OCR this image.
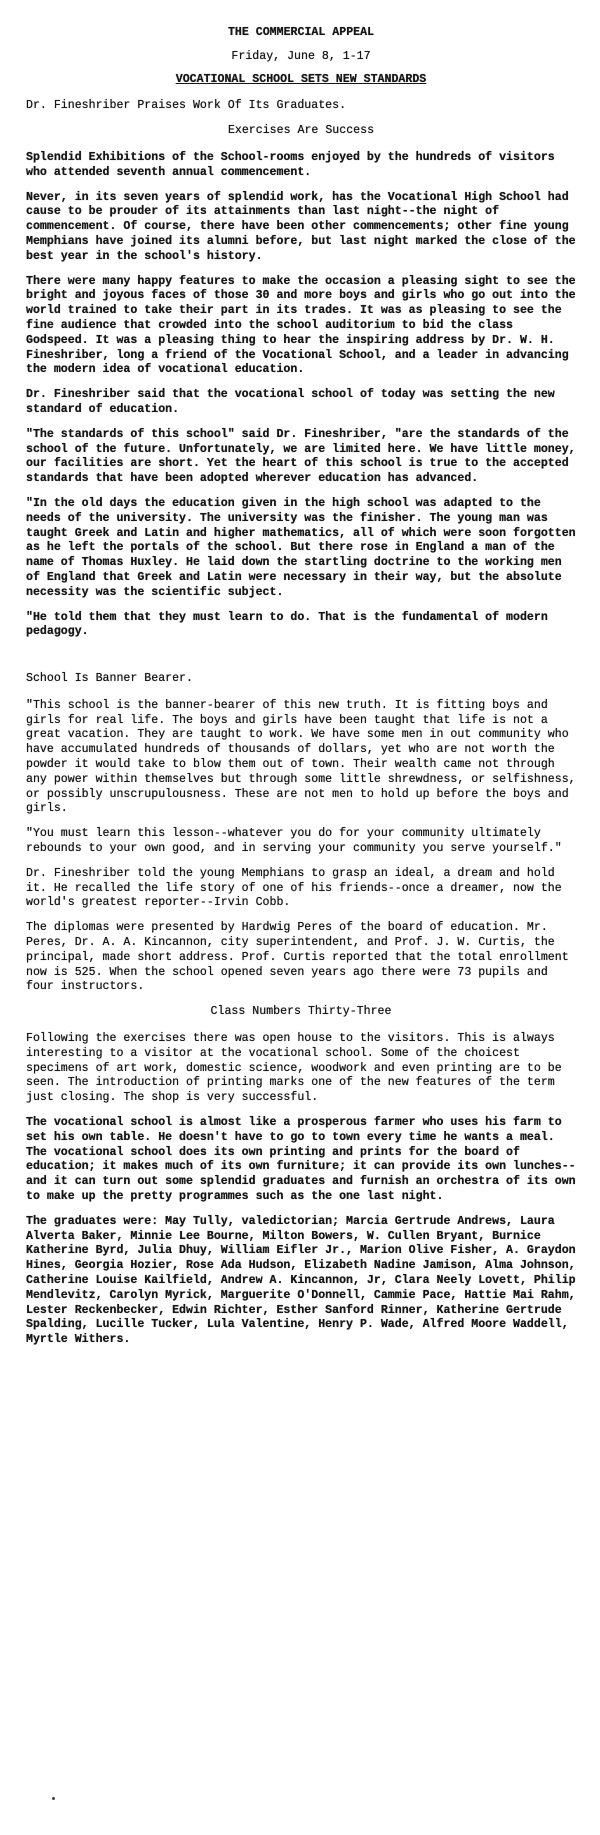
THE COMMERCIAL APPEAL
Friday, June 8, 1-17
VOCATIONAL SCHOOL SETS NEW STANDARDS
Dr. Fineshriber Praises Work Of Its Graduates.
Exercises Are Success

Splendid Exhibitions of the School-rooms enjoyed by the hundreds of visitors who attended seventh annual commencement.

Never, in its seven years of splendid work, has the Vocational High School had cause to be prouder of its attainments than last night--the night of commencement. Of course, there have been other commencements; other fine young Memphians have joined its alumni before, but last night marked the close of the best year in the school's history.

There were many happy features to make the occasion a pleasing sight to see the bright and joyous faces of those 30 and more boys and girls who go out into the world trained to take their part in its trades. It was as pleasing to see the fine audience that crowded into the school auditorium to bid the class Godspeed. It was a pleasing thing to hear the inspiring address by Dr. W. H. Fineshriber, long a friend of the Vocational School, and a leader in advancing the modern idea of vocational education.

Dr. Fineshriber said that the vocational school of today was setting the new standard of education.

"The standards of this school" said Dr. Fineshriber, "are the standards of the school of the future. Unfortunately, we are limited here. We have little money, our facilities are short. Yet the heart of this school is true to the accepted standards that have been adopted wherever education has advanced.

"In the old days the education given in the high school was adapted to the needs of the university. The university was the finisher. The young man was taught Greek and Latin and higher mathematics, all of which were soon forgotten as he left the portals of the school. But there rose in England a man of the name of Thomas Huxley. He laid down the startling doctrine to the working men of England that Greek and Latin were necessary in their way, but the absolute necessity was the scientific subject.

"He told them that they must learn to do. That is the fundamental of modern pedagogy.

School Is Banner Bearer.

"This school is the banner-bearer of this new truth. It is fitting boys and girls for real life. The boys and girls have been taught that life is not a great vacation. They are taught to work. We have some men in out community who have accumulated hundreds of thousands of dollars, yet who are not worth the powder it would take to blow them out of town. Their wealth came not through any power within themselves but through some little shrewdness, or selfishness, or possibly unscrupulousness. These are not men to hold up before the boys and girls.

"You must learn this lesson--whatever you do for your community ultimately rebounds to your own good, and in serving your community you serve yourself."

Dr. Fineshriber told the young Memphians to grasp an ideal, a dream and hold it. He recalled the life story of one of his friends--once a dreamer, now the world's greatest reporter--Irvin Cobb.

The diplomas were presented by Hardwig Peres of the board of education. Mr. Peres, Dr. A. A. Kincannon, city superintendent, and Prof. J. W. Curtis, the principal, made short address. Prof. Curtis reported that the total enrollment now is 525. When the school opened seven years ago there were 73 pupils and four instructors.

Class Numbers Thirty-Three

Following the exercises there was open house to the visitors. This is always interesting to a visitor at the vocational school. Some of the choicest specimens of art work, domestic science, woodwork and even printing are to be seen. The introduction of printing marks one of the new features of the term just closing. The shop is very successful.

The vocational school is almost like a prosperous farmer who uses his farm to set his own table. He doesn't have to go to town every time he wants a meal. The vocational school does its own printing and prints for the board of education; it makes much of its own furniture; it can provide its own lunches--and it can turn out some splendid graduates and furnish an orchestra of its own to make up the pretty programmes such as the one last night.

The graduates were: May Tully, valedictorian; Marcia Gertrude Andrews, Laura Alverta Baker, Minnie Lee Bourne, Milton Bowers, W. Cullen Bryant, Burnice Katherine Byrd, Julia Dhuy, William Eifler Jr., Marion Olive Fisher, A. Graydon Hines, Georgia Hozier, Rose Ada Hudson, Elizabeth Nadine Jamison, Alma Johnson, Catherine Louise Kailfield, Andrew A. Kincannon, Jr, Clara Neely Lovett, Philip Mendlevitz, Carolyn Myrick, Marguerite O'Donnell, Cammie Pace, Hattie Mai Rahm, Lester Reckenbecker, Edwin Richter, Esther Sanford Rinner, Katherine Gertrude Spalding, Lucille Tucker, Lula Valentine, Henry P. Wade, Alfred Moore Waddell, Myrtle Withers.
